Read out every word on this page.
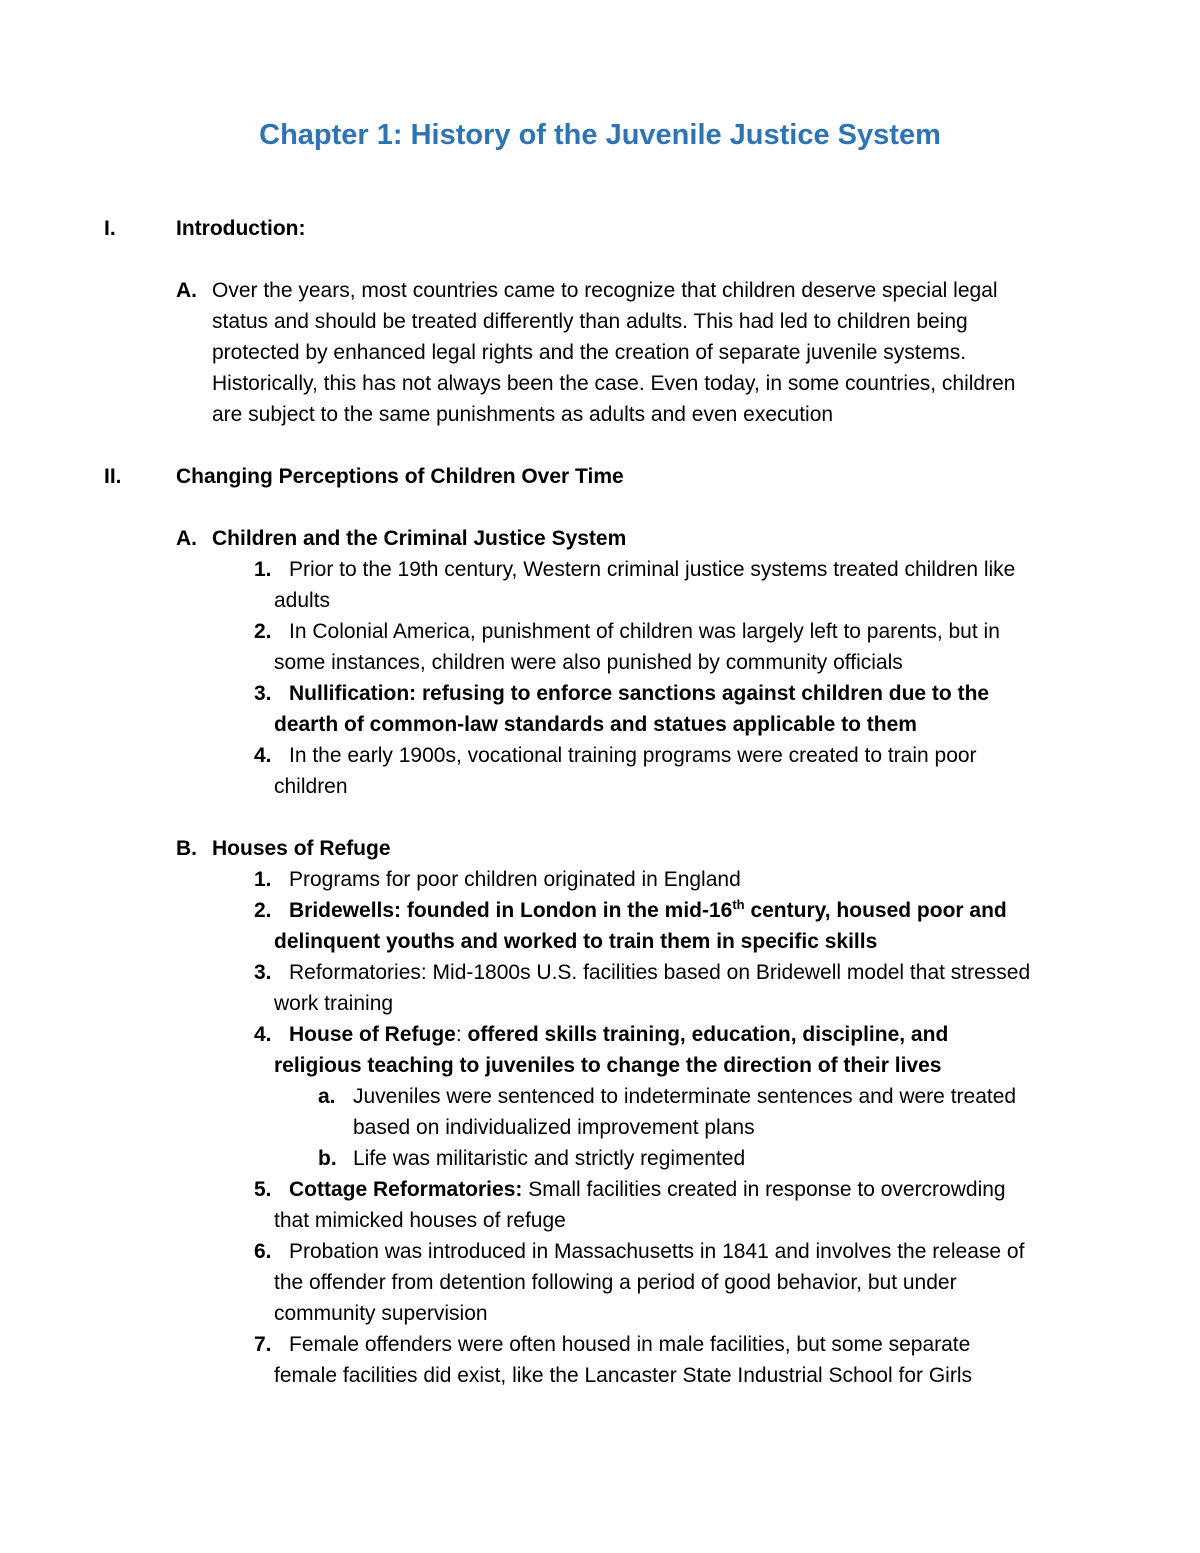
Chapter 1: History of the Juvenile Justice System
I.	Introduction:
A. Over the years, most countries came to recognize that children deserve special legal
status and should be treated differently than adults. This had led to children being
protected by enhanced legal rights and the creation of separate juvenile systems.
Historically, this has not always been the case. Even today, in some countries, children
are subject to the same punishments as adults and even execution
II.	Changing Perceptions of Children Over Time
A. Children and the Criminal Justice System
1. Prior to the 19th century, Western criminal justice systems treated children like
adults
2. In Colonial America, punishment of children was largely left to parents, but in
some instances, children were also punished by community officials
3. Nullification: refusing to enforce sanctions against children due to the
dearth of common-law standards and statues applicable to them
4. In the early 1900s, vocational training programs were created to train poor
children
B. Houses of Refuge
1. Programs for poor children originated in England
2. Bridewells: founded in London in the mid-16th century, housed poor and
delinquent youths and worked to train them in specific skills
3. Reformatories: Mid-1800s U.S. facilities based on Bridewell model that stressed
work training
4. House of Refuge: offered skills training, education, discipline, and
religious teaching to juveniles to change the direction of their lives
a. Juveniles were sentenced to indeterminate sentences and were treated
based on individualized improvement plans
b. Life was militaristic and strictly regimented
5. Cottage Reformatories: Small facilities created in response to overcrowding
that mimicked houses of refuge
6. Probation was introduced in Massachusetts in 1841 and involves the release of
the offender from detention following a period of good behavior, but under
community supervision
7. Female offenders were often housed in male facilities, but some separate
female facilities did exist, like the Lancaster State Industrial School for Girls
